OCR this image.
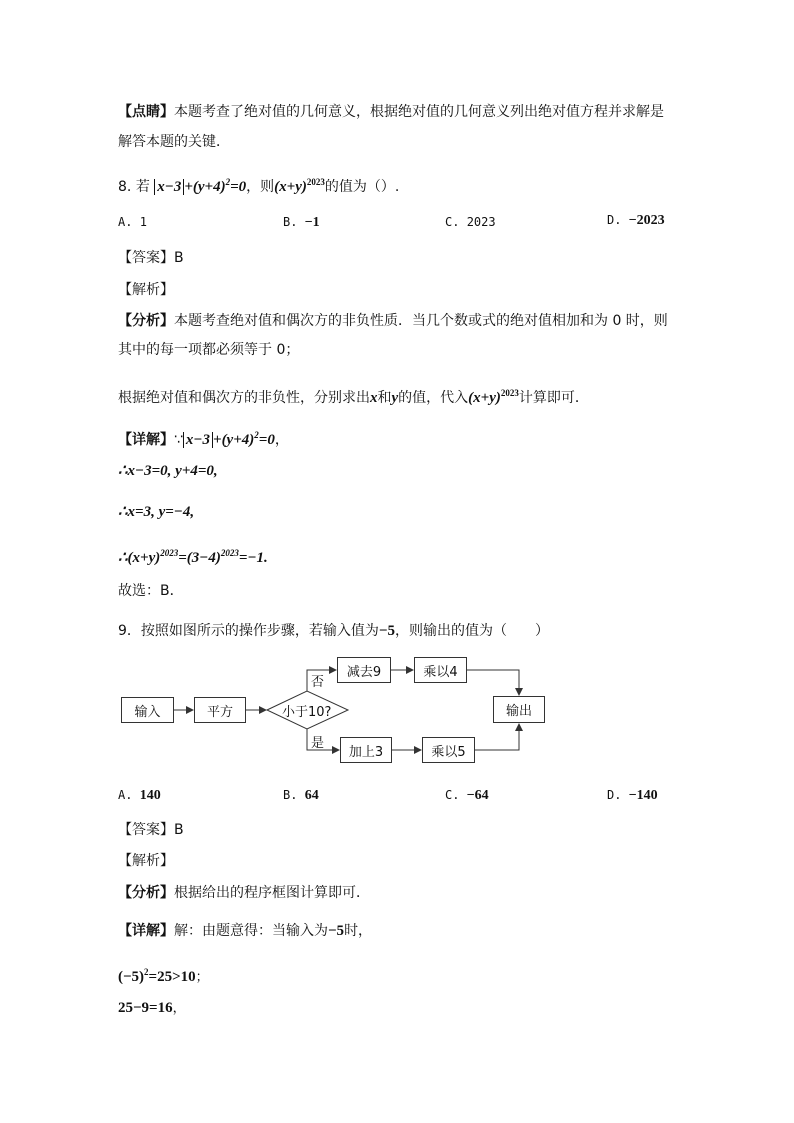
【点睛】本题考查了绝对值的几何意义，根据绝对值的几何意义列出绝对值方程并求解是
解答本题的关键．
8. 若 $x-3 +(y+4)^2=0$，则$(x+y)^{2023}$的值为（）.
A. 1	B. −1	C. 2023	D. −2023
【答案】B
【解析】
【分析】本题考查绝对值和偶次方的非负性质．当几个数或式的绝对值相加和为 0 时，则
其中的每一项都必须等于 0；
根据绝对值和偶次方的非负性，分别求出x和y的值，代入$(x+y)^{2023}$计算即可．
【详解】∵ $x-3 +(y+4)^2=0$，
∴x−3=0, y+4=0,
∴x=3, y=−4,
$\therefore(x+y)^{2023}=(3-4)^{2023}=-1$.
故选：B．
9．按照如图所示的操作步骤，若输入值为−5，则输出的值为（　　）
输入	平方	小于10?
否
是
减去9	乘以4
输出
加上3	乘以5
A. 140	B. 64	C. −64	D. −140
【答案】B
【解析】
【分析】根据给出的程序框图计算即可．
【详解】解：由题意得：当输入为−5时，
$(-5)^2=25>10$；
25−9=16，
